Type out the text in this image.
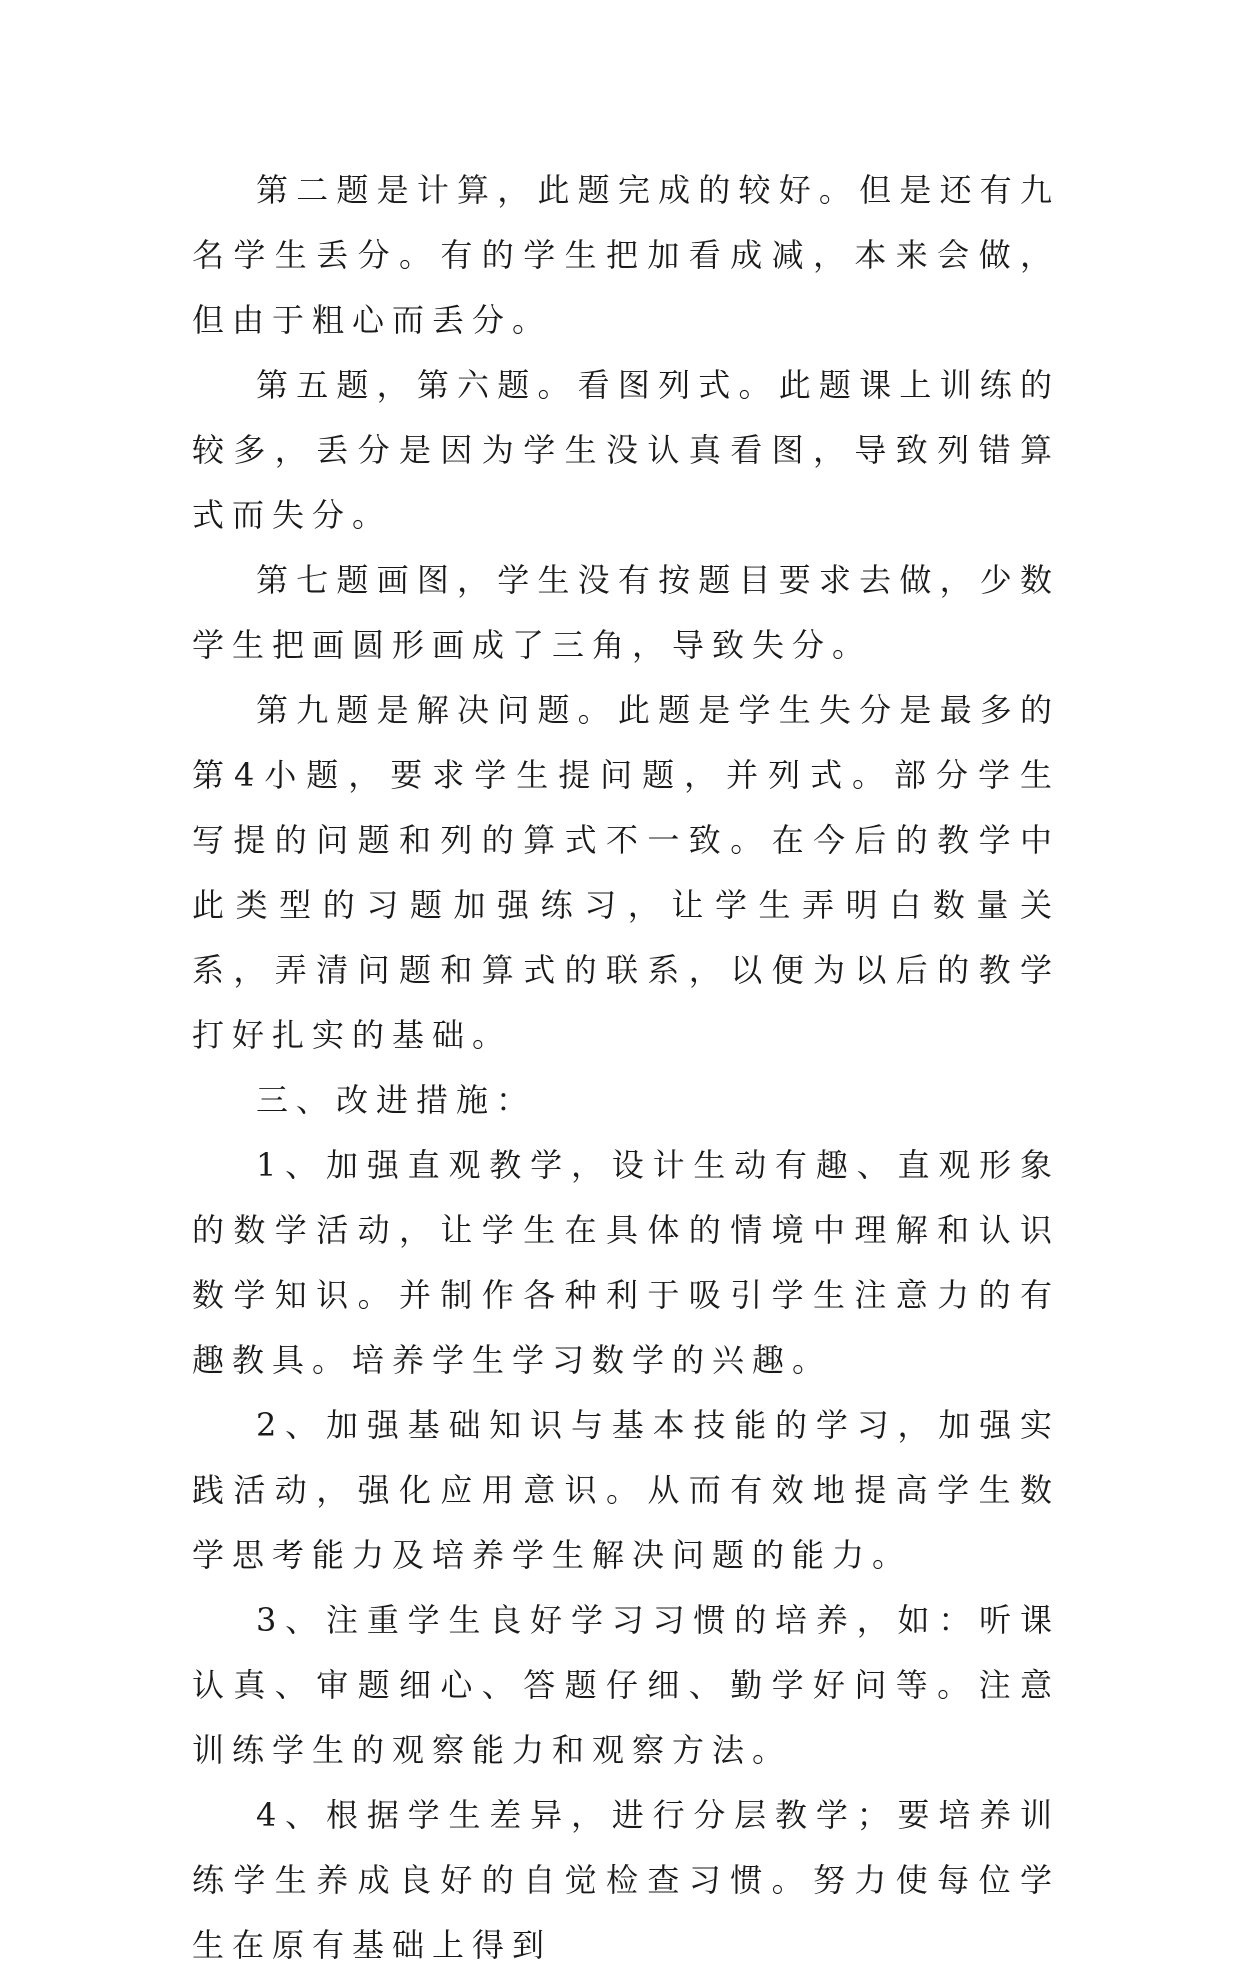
第二题是计算，此题完成的较好。但是还有九名学生丢分。有的学生把加看成减，本来会做，但由于粗心而丢分。

第五题，第六题。看图列式。此题课上训练的较多，丢分是因为学生没认真看图，导致列错算式而失分。

第七题画图，学生没有按题目要求去做，少数学生把画圆形画成了三角，导致失分。

第九题是解决问题。此题是学生失分是最多的第4小题，要求学生提问题，并列式。部分学生写提的问题和列的算式不一致。在今后的教学中此类型的习题加强练习，让学生弄明白数量关系，弄清问题和算式的联系，以便为以后的教学打好扎实的基础。

三、改进措施：

1、加强直观教学，设计生动有趣、直观形象的数学活动，让学生在具体的情境中理解和认识数学知识。并制作各种利于吸引学生注意力的有趣教具。培养学生学习数学的兴趣。

2、加强基础知识与基本技能的学习，加强实践活动，强化应用意识。从而有效地提高学生数学思考能力及培养学生解决问题的能力。

3、注重学生良好学习习惯的培养，如：听课认真、审题细心、答题仔细、勤学好问等。注意训练学生的观察能力和观察方法。

4、根据学生差异，进行分层教学；要培养训练学生养成良好的自觉检查习惯。努力使每位学生在原有基础上得到
